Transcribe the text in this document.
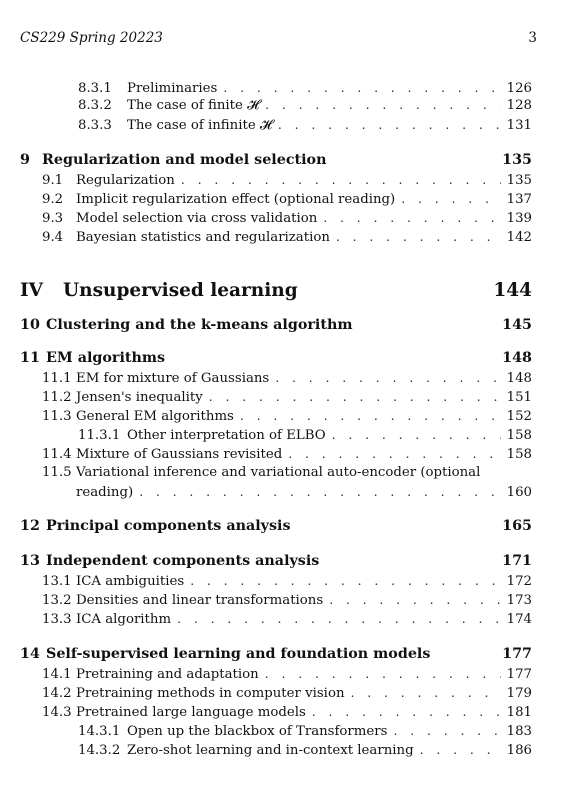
CS229 Spring 20223	3
8.3.1	Preliminaries . . .	126
8.3.2	The case of finite 𝓗 . . .	128
8.3.3	The case of infinite 𝓗 . . .	131
9 Regularization and model selection	135
9.1 Regularization . . .	135
9.2 Implicit regularization effect (optional reading) . . .	137
9.3 Model selection via cross validation . . .	139
9.4 Bayesian statistics and regularization . . .	142
IV Unsupervised learning	144
10 Clustering and the k-means algorithm	145
11 EM algorithms	148
11.1 EM for mixture of Gaussians . . .	148
11.2 Jensen's inequality . . .	151
11.3 General EM algorithms . . .	152
11.3.1 Other interpretation of ELBO . . .	158
11.4 Mixture of Gaussians revisited . . .	158
11.5 Variational inference and variational auto-encoder (optional
reading) . . .	160
12 Principal components analysis	165
13 Independent components analysis	171
13.1 ICA ambiguities . . .	172
13.2 Densities and linear transformations . . .	173
13.3 ICA algorithm . . .	174
14 Self-supervised learning and foundation models	177
14.1 Pretraining and adaptation . . .	177
14.2 Pretraining methods in computer vision . . .	179
14.3 Pretrained large language models . . .	181
14.3.1 Open up the blackbox of Transformers . . .	183
14.3.2 Zero-shot learning and in-context learning . . .	186
